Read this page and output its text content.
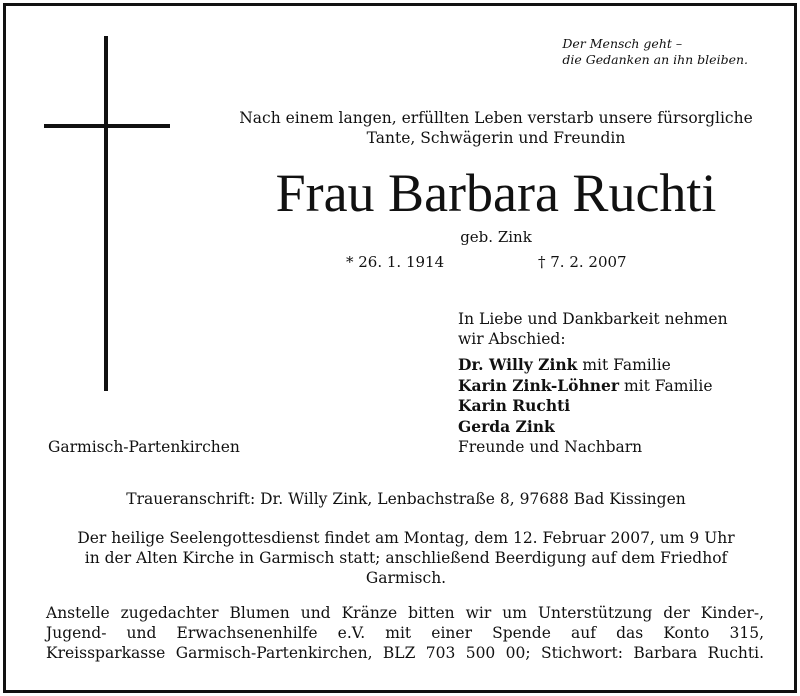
Der Mensch geht –
die Gedanken an ihn bleiben.
Nach einem langen, erfüllten Leben verstarb unsere fürsorgliche
Tante, Schwägerin und Freundin
Frau Barbara Ruchti
geb. Zink
* 26. 1. 1914	† 7. 2. 2007
In Liebe und Dankbarkeit nehmen
wir Abschied:
Dr. Willy Zink mit Familie
Karin Zink-Löhner mit Familie
Karin Ruchti
Gerda Zink
Freunde und Nachbarn
Garmisch-Partenkirchen
Traueranschrift: Dr. Willy Zink, Lenbachstraße 8, 97688 Bad Kissingen
Der heilige Seelengottesdienst findet am Montag, dem 12. Februar 2007, um 9 Uhr
in der Alten Kirche in Garmisch statt; anschließend Beerdigung auf dem Friedhof
Garmisch.
Anstelle zugedachter Blumen und Kränze bitten wir um Unterstützung der Kinder-,
Jugend- und Erwachsenenhilfe e.V. mit einer Spende auf das Konto 315,
Kreissparkasse Garmisch-Partenkirchen, BLZ 703 500 00; Stichwort: Barbara Ruchti.
